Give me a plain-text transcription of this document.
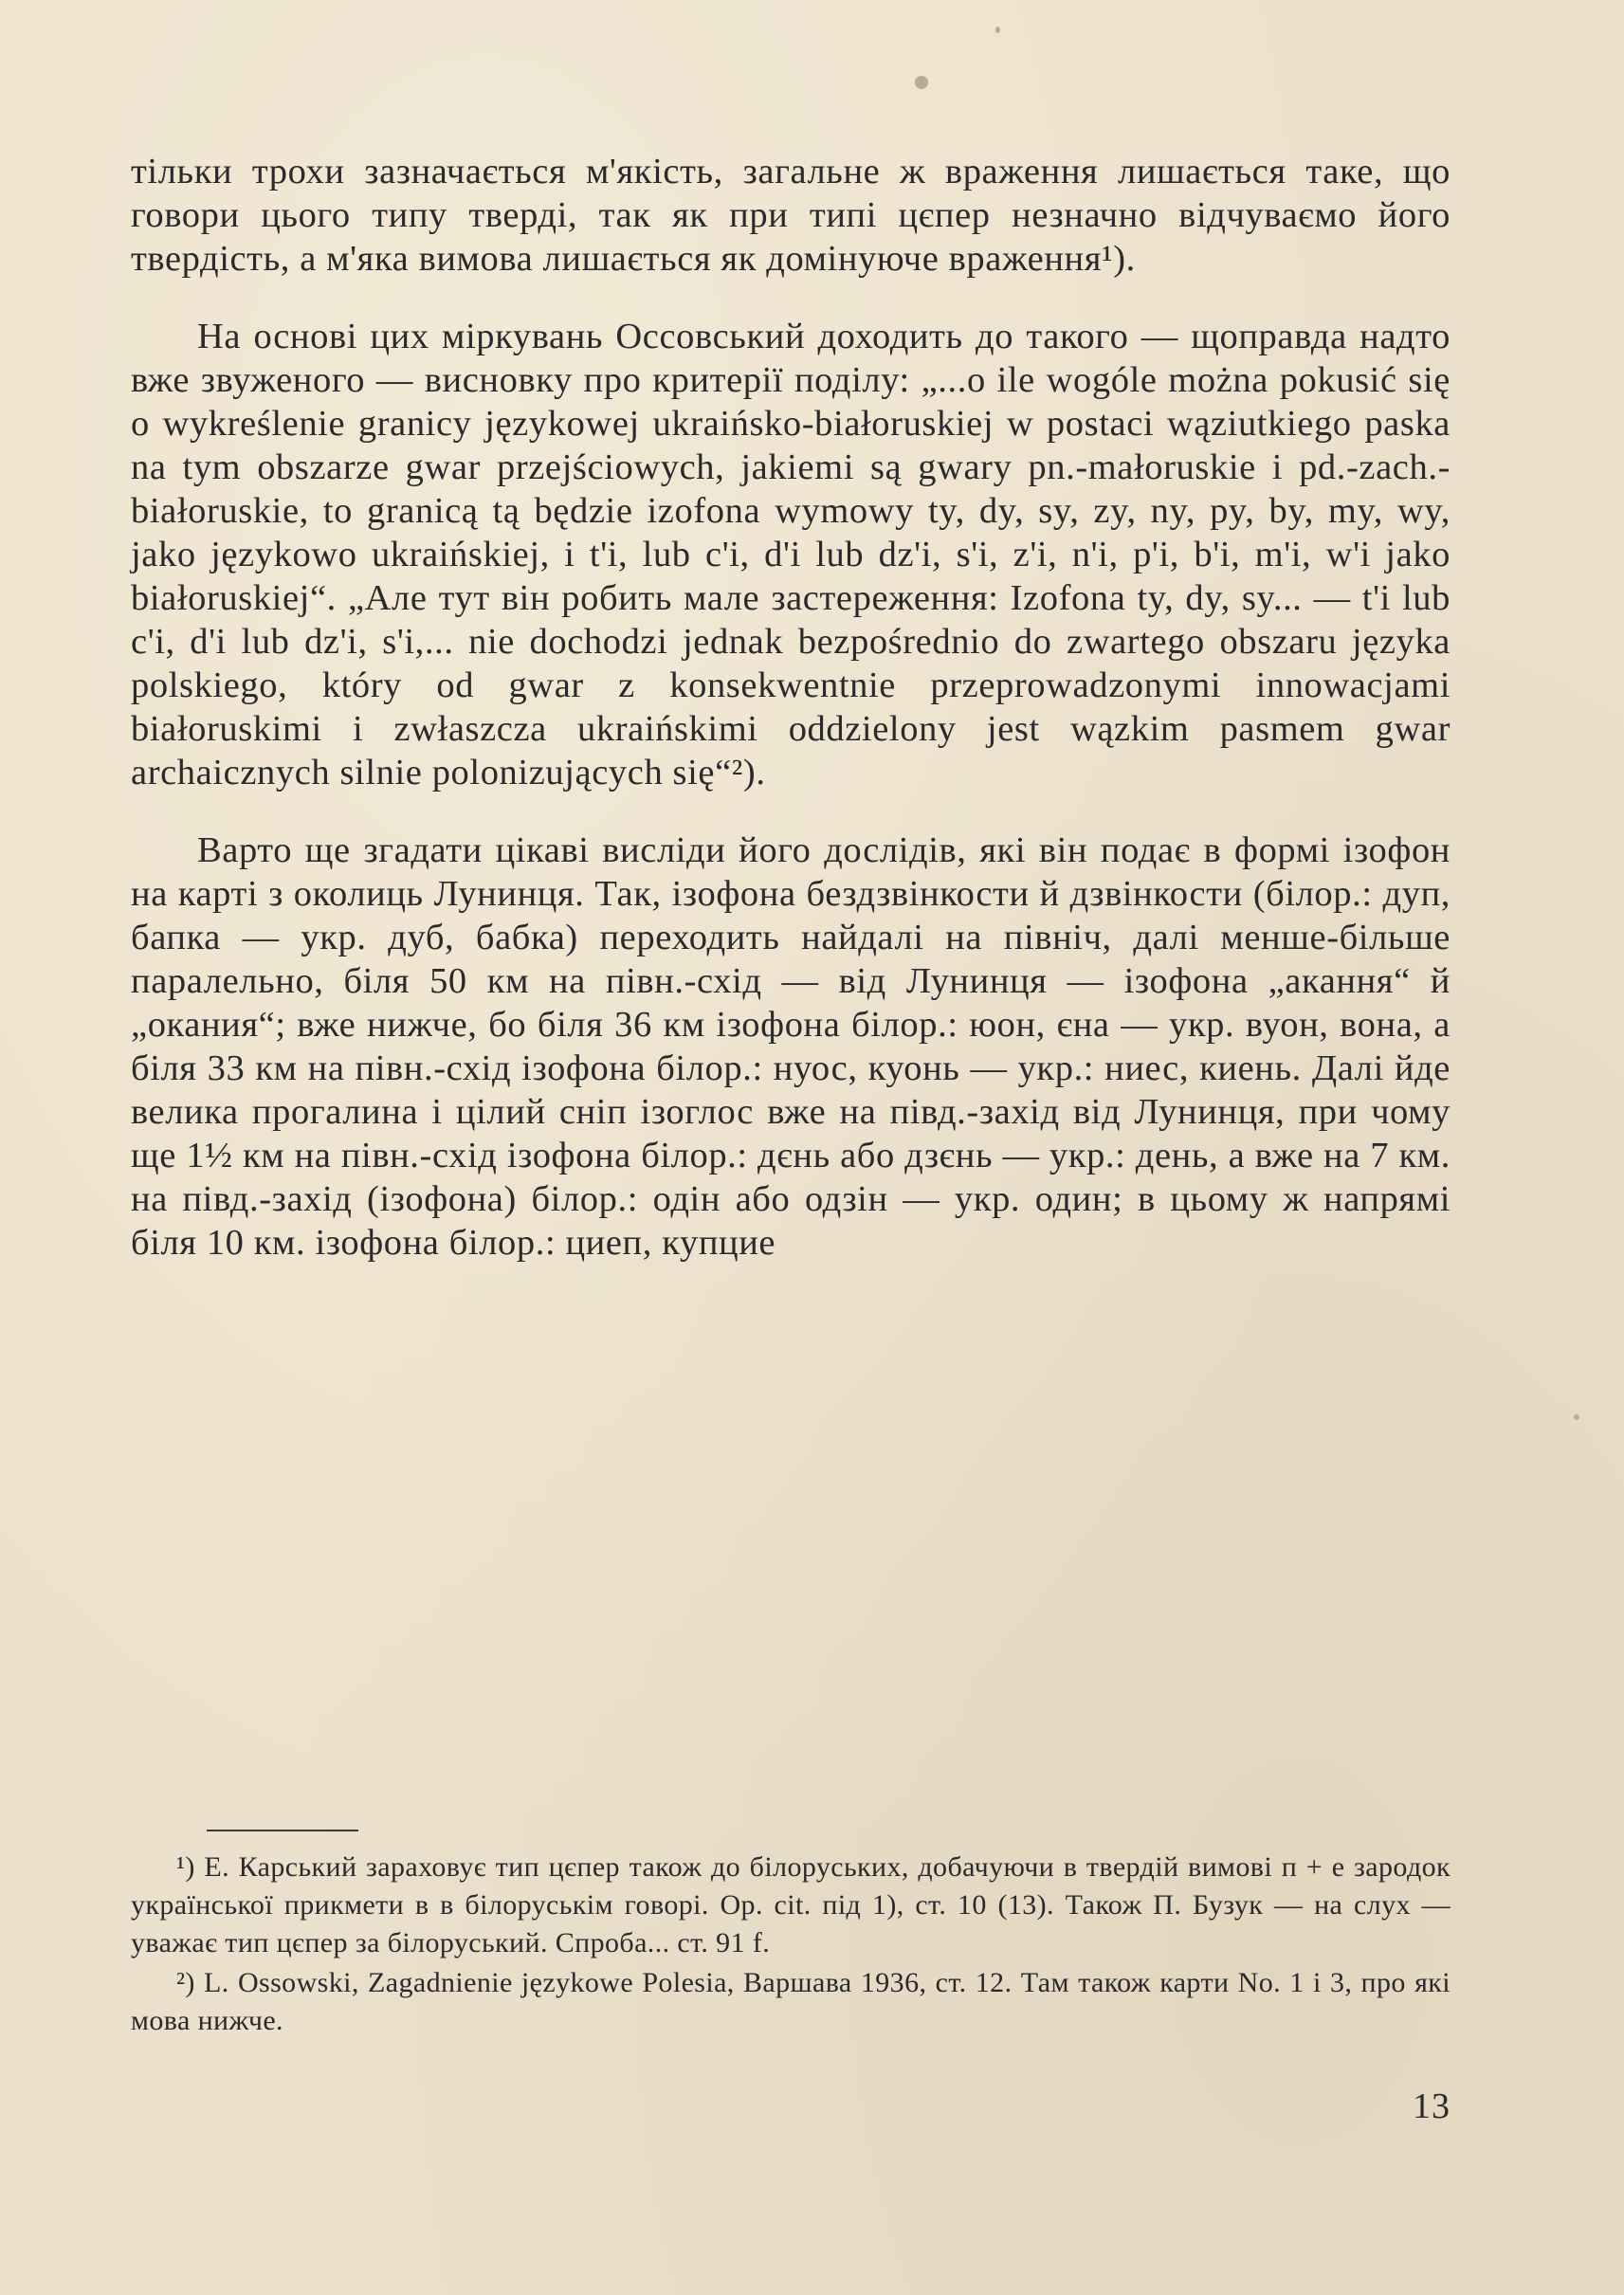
тільки трохи зазначається м'якість, загальне ж враження лишається таке, що говори цього типу тверді, так як при типі цєпер незначно відчуваємо його твердість, а м'яка вимова лишається як домінуюче враження¹).

На основі цих міркувань Оссовський доходить до такого — щоправда надто вже звуженого — висновку про критерії поділу: „...o ile wogóle można pokusić się o wykreślenie granicy językowej ukraińsko-białoruskiej w postaci wąziutkiego paska na tym obszarze gwar przejściowych, jakiemi są gwary pn.-małoruskie i pd.-zach.-białoruskie, to granicą tą będzie izofona wymowy ty, dy, sy, zy, ny, py, by, my, wy, jako językowo ukraińskiej, i t'i, lub c'i, d'i lub dz'i, s'i, z'i, n'i, p'i, b'i, m'i, w'i jako białoruskiej“. „Але тут він робить мале застереження: Izofona ty, dy, sy... — t'i lub c'i, d'i lub dz'i, s'i,... nie dochodzi jednak bezpośrednio do zwartego obszaru języka polskiego, który od gwar z konsekwentnie przeprowadzonymi innowacjami białoruskimi i zwłaszcza ukraińskimi oddzielony jest wązkim pasmem gwar archaicznych silnie polonizujących się“²).

Варто ще згадати цікаві висліди його дослідів, які він подає в формі ізофон на карті з околиць Лунинця. Так, ізофона бездзвінкости й дзвінкости (білор.: дуп, бапка — укр. дуб, бабка) переходить найдалі на північ, далі менше-більше паралельно, біля 50 км на півн.-схід — від Лунинця — ізофона „акання“ й „окания“; вже нижче, бо біля 36 км ізофона білор.: юон, єна — укр. вуон, вона, а біля 33 км на півн.-схід ізофона білор.: нуос, куонь — укр.: ниес, киень. Далі йде велика прогалина і цілий сніп ізоглос вже на півд.-захід від Лунинця, при чому ще 1½ км на півн.-схід ізофона білор.: дєнь або дзєнь — укр.: день, а вже на 7 км. на півд.-захід (ізофона) білор.: одін або одзін — укр. один; в цьому ж напрямі біля 10 км. ізофона білор.: циеп, купцие

¹) Е. Карський зараховує тип цєпер також до білоруських, добачуючи в твердій вимові п + е зародок української прикмети в в білоруськім говорі. Op. cit. під 1), ст. 10 (13). Також П. Бузук — на слух — уважає тип цєпер за білоруський. Спроба... ст. 91 f.

²) L. Ossowski, Zagadnienie językowe Polesia, Варшава 1936, ст. 12. Там також карти No. 1 і 3, про які мова нижче.

13
